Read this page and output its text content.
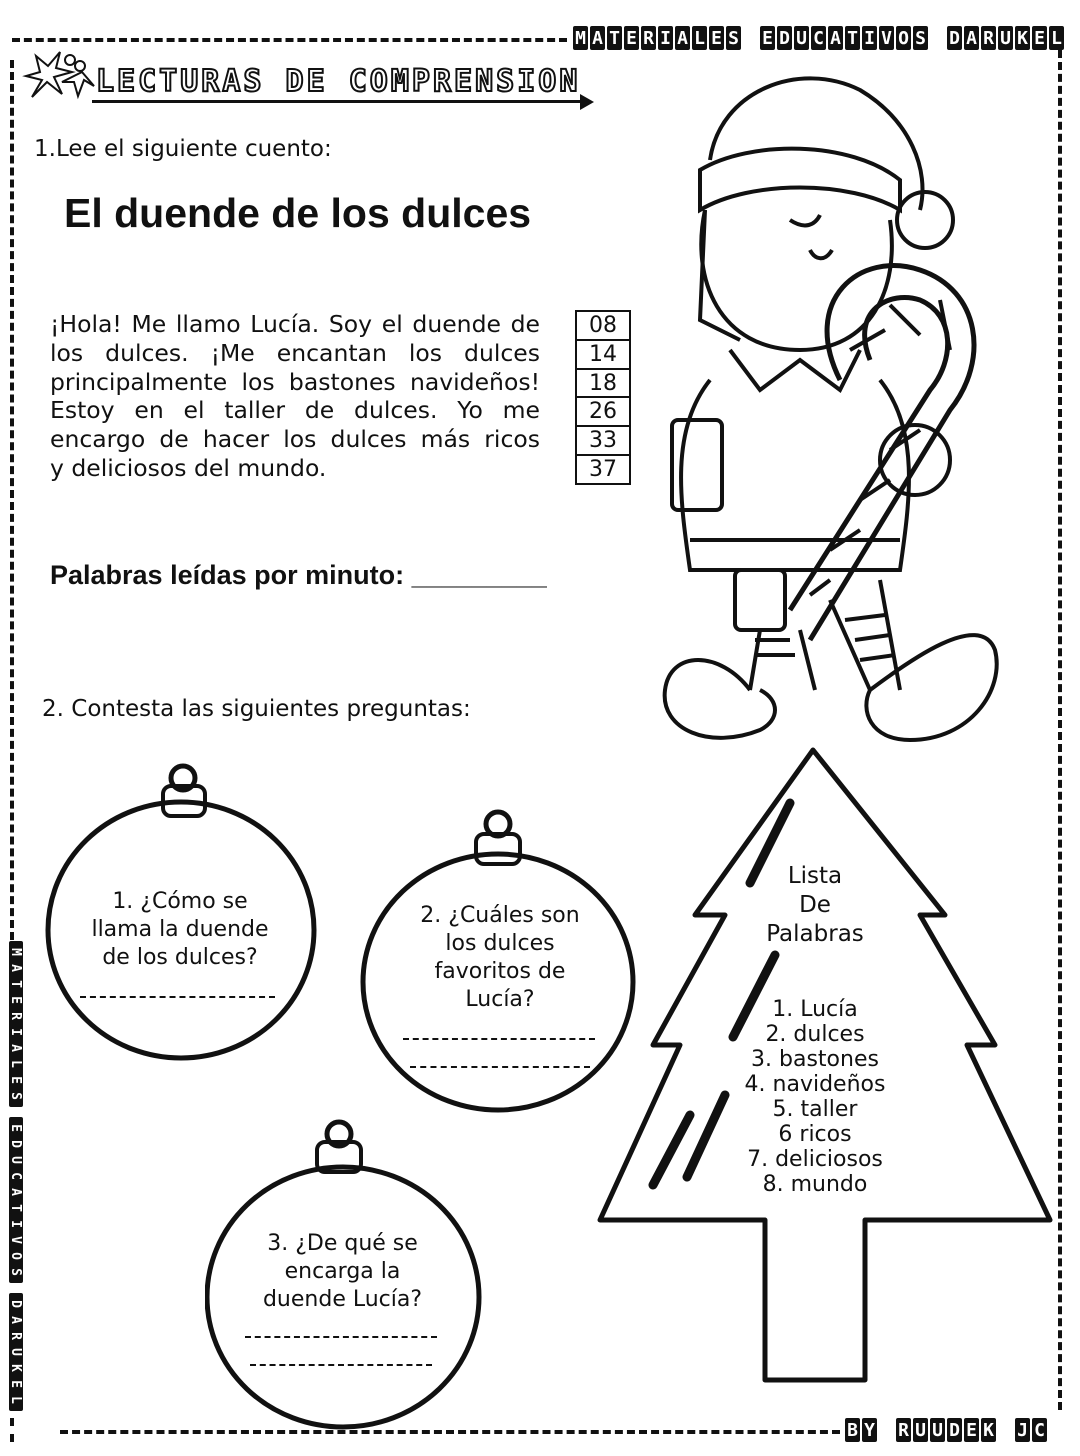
M A T E R I A L E S E D U C A T I V O S D A R U K E L
M
A
T
E
R
I
A
L
E
S
E
D
U
C
A
T
I
V
O
S
D
A
R
U
K
E
L
B Y R U U D E K J C
LECTURAS DE COMPRENSION
1.Lee el siguiente cuento:
El duende de los dulces
¡Hola! Me llamo Lucía. Soy el duende de
los dulces. ¡Me encantan los dulces
principalmente los bastones navideños!
Estoy en el taller de dulces. Yo me
encargo de hacer los dulces más ricos
y deliciosos del mundo.
08
14
18
26
33
37
Palabras leídas por minuto: _________
2. Contesta las siguientes preguntas:
1. ¿Cómo se llama la duende de los dulces?
2. ¿Cuáles son los dulces favoritos de Lucía?
3. ¿De qué se encarga la duende Lucía?
Lista
De
Palabras
1. Lucía
2. dulces
3. bastones
4. navideños
5. taller
6 ricos
7. deliciosos
8. mundo
